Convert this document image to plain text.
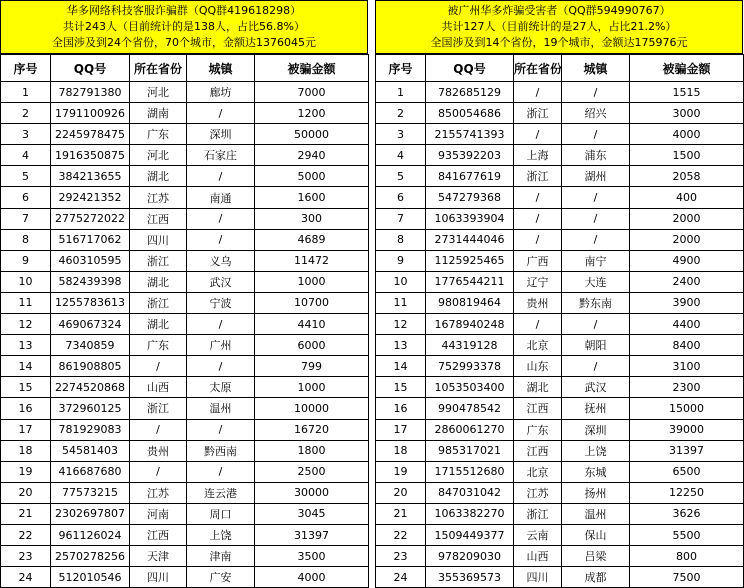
华多网络科技客服诈骗群（QQ群419618298）
共计243人（目前统计的是138人，占比56.8%）
全国涉及到24个省份，70个城市，金额达1376045元
序号	QQ号	所在省份	城镇	被骗金额
1	782791380	河北	廊坊	7000
2	1791100926	湖南	/	1200
3	2245978475	广东	深圳	50000
4	1916350875	河北	石家庄	2940
5	384213655	湖北	/	5000
6	292421352	江苏	南通	1600
7	2775272022	江西	/	300
8	516717062	四川	/	4689
9	460310595	浙江	义乌	11472
10	582439398	湖北	武汉	1000
11	1255783613	浙江	宁波	10700
12	469067324	湖北	/	4410
13	7340859	广东	广州	6000
14	861908805	/	/	799
15	2274520868	山西	太原	1000
16	372960125	浙江	温州	10000
17	781929083	/	/	16720
18	54581403	贵州	黔西南	1800
19	416687680	/	/	2500
20	77573215	江苏	连云港	30000
21	2302697807	河南	周口	3045
22	961126024	江西	上饶	31397
23	2570278256	天津	津南	3500
24	512010546	四川	广安	4000
被广州华多炸骗受害者（QQ群594990767）
共计127人（目前统计的是27人，占比21.2%）
全国涉及到14个省份，19个城市，金额达175976元
序号	QQ号	所在省份	城镇	被骗金额
1	782685129	/	/	1515
2	850054686	浙江	绍兴	3000
3	2155741393	/	/	4000
4	935392203	上海	浦东	1500
5	841677619	浙江	湖州	2058
6	547279368	/	/	400
7	1063393904	/	/	2000
8	2731444046	/	/	2000
9	1125925465	广西	南宁	4900
10	1776544211	辽宁	大连	2400
11	980819464	贵州	黔东南	3900
12	1678940248	/	/	4400
13	44319128	北京	朝阳	8400
14	752993378	山东	/	3100
15	1053503400	湖北	武汉	2300
16	990478542	江西	抚州	15000
17	2860061270	广东	深圳	39000
18	985317021	江西	上饶	31397
19	1715512680	北京	东城	6500
20	847031042	江苏	扬州	12250
21	1063382270	浙江	温州	3626
22	1509449377	云南	保山	5500
23	978209030	山西	吕梁	800
24	355369573	四川	成都	7500
